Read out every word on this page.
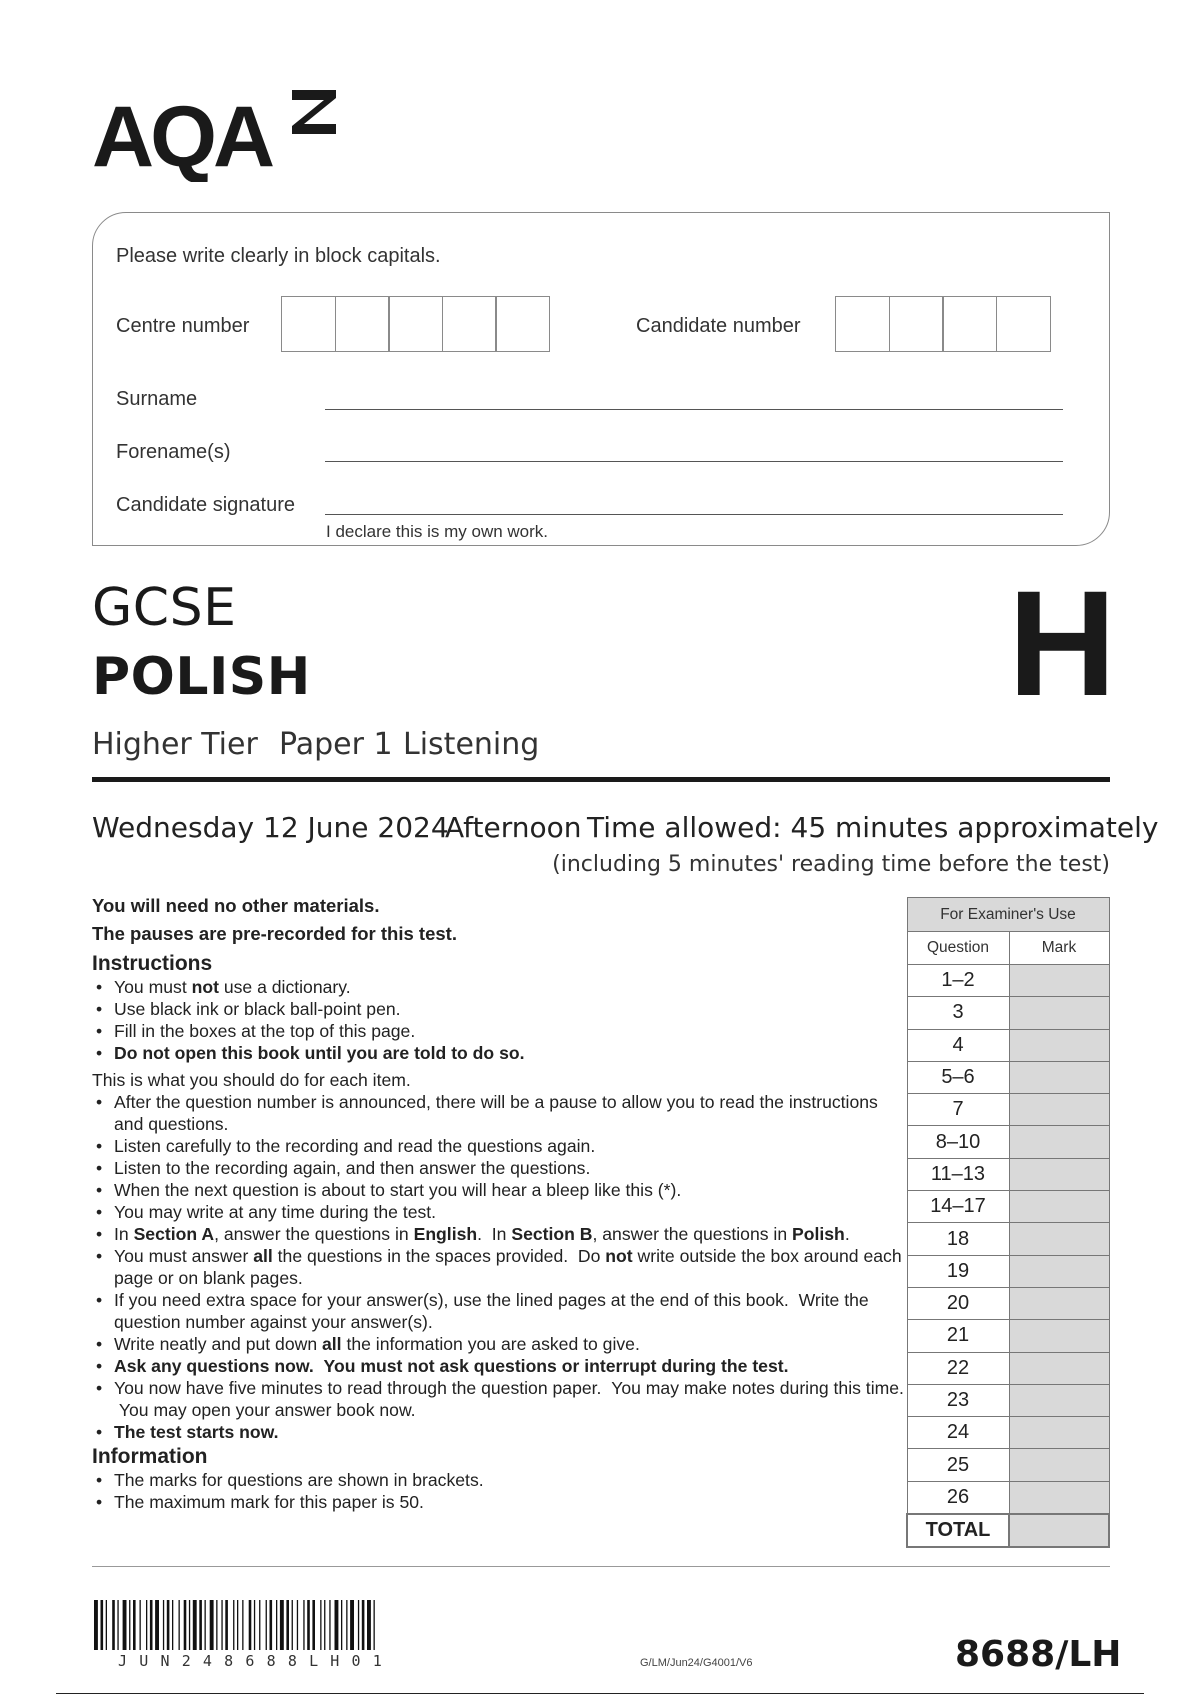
AQA
Please write clearly in block capitals.
Centre number	Candidate number
Surname
Forename(s)
Candidate signature
I declare this is my own work.
GCSE
POLISH	H
Higher Tier Paper 1 Listening
Wednesday 12 June 2024
Afternoon Time allowed: 45 minutes approximately
(including 5 minutes' reading time before the test)

You will need no other materials.

The pauses are pre-recorded for this test.

Instructions
• You must not use a dictionary.
• Use black ink or black ball-point pen.
• Fill in the boxes at the top of this page.
• Do not open this book until you are told to do so.

This is what you should do for each item.

• After the question number is announced, there will be a pause to allow you to read the instructions and questions.
• Listen carefully to the recording and read the questions again.
• Listen to the recording again, and then answer the questions.
• When the next question is about to start you will hear a bleep like this (*).
• You may write at any time during the test.
• In Section A, answer the questions in English.  In Section B, answer the questions in Polish.
• You must answer all the questions in the spaces provided.  Do not write outside the box around each page or on blank pages.
• If you need extra space for your answer(s), use the lined pages at the end of this book.  Write the question number against your answer(s).
• Write neatly and put down all the information you are asked to give.
• Ask any questions now.  You must not ask questions or interrupt during the test.
• You now have five minutes to read through the question paper.  You may make notes during this time.  You may open your answer book now.
• The test starts now.
Information
• The marks for questions are shown in brackets.
• The maximum mark for this paper is 50.
For Examiner's Use	
Question	Mark
1–2	
3	
4	
5–6	
7	
8–10	
11–13	
14–17	
18	
19	
20	
21	
22	
23	
24	
25	
26	
TOTAL	
JUN248688LH01	G/LM/Jun24/G4001/V6	8688/LH
